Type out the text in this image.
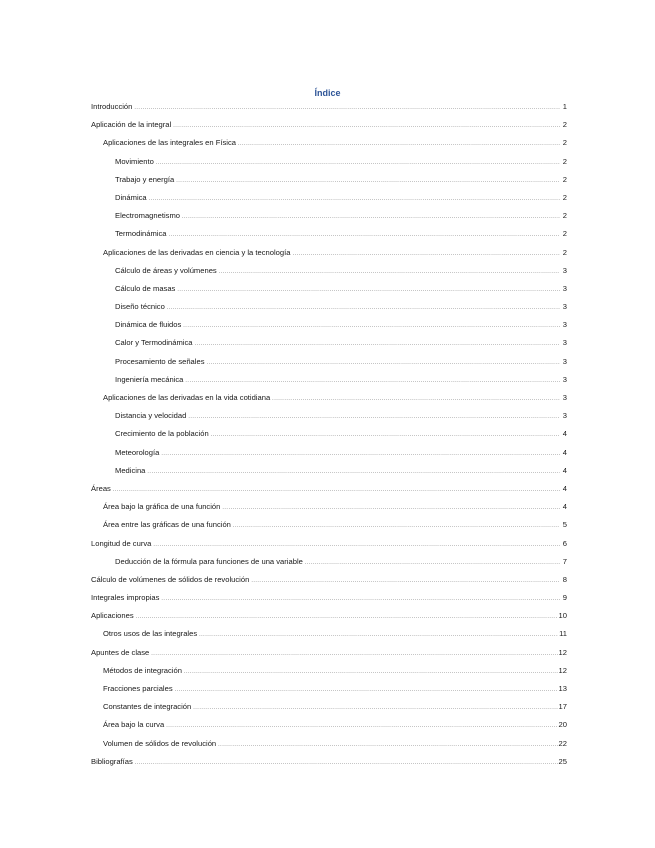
Índice
Introducción .....	1
Aplicación de la integral .....	2
Aplicaciones de las integrales en Física .....	2
Movimiento .....	2
Trabajo y energía .....	2
Dinámica .....	2
Electromagnetismo .....	2
Termodinámica .....	2
Aplicaciones de las derivadas en ciencia y la tecnología .....	2
Cálculo de áreas y volúmenes .....	3
Cálculo de masas .....	3
Diseño técnico .....	3
Dinámica de fluidos .....	3
Calor y Termodinámica .....	3
Procesamiento de señales .....	3
Ingeniería mecánica .....	3
Aplicaciones de las derivadas en la vida cotidiana .....	3
Distancia y velocidad .....	3
Crecimiento de la población .....	4
Meteorología .....	4
Medicina .....	4
Áreas .....	4
Área bajo la gráfica de una función .....	4
Área entre las gráficas de una función .....	5
Longitud de curva .....	6
Deducción de la fórmula para funciones de una variable .....	7
Cálculo de volúmenes de sólidos de revolución .....	8
Integrales impropias .....	9
Aplicaciones .....	10
Otros usos de las integrales .....	11
Apuntes de clase .....	12
Métodos de integración .....	12
Fracciones parciales .....	13
Constantes de integración .....	17
Área bajo la curva .....	20
Volumen de sólidos de revolución .....	22
Bibliografías .....	25
